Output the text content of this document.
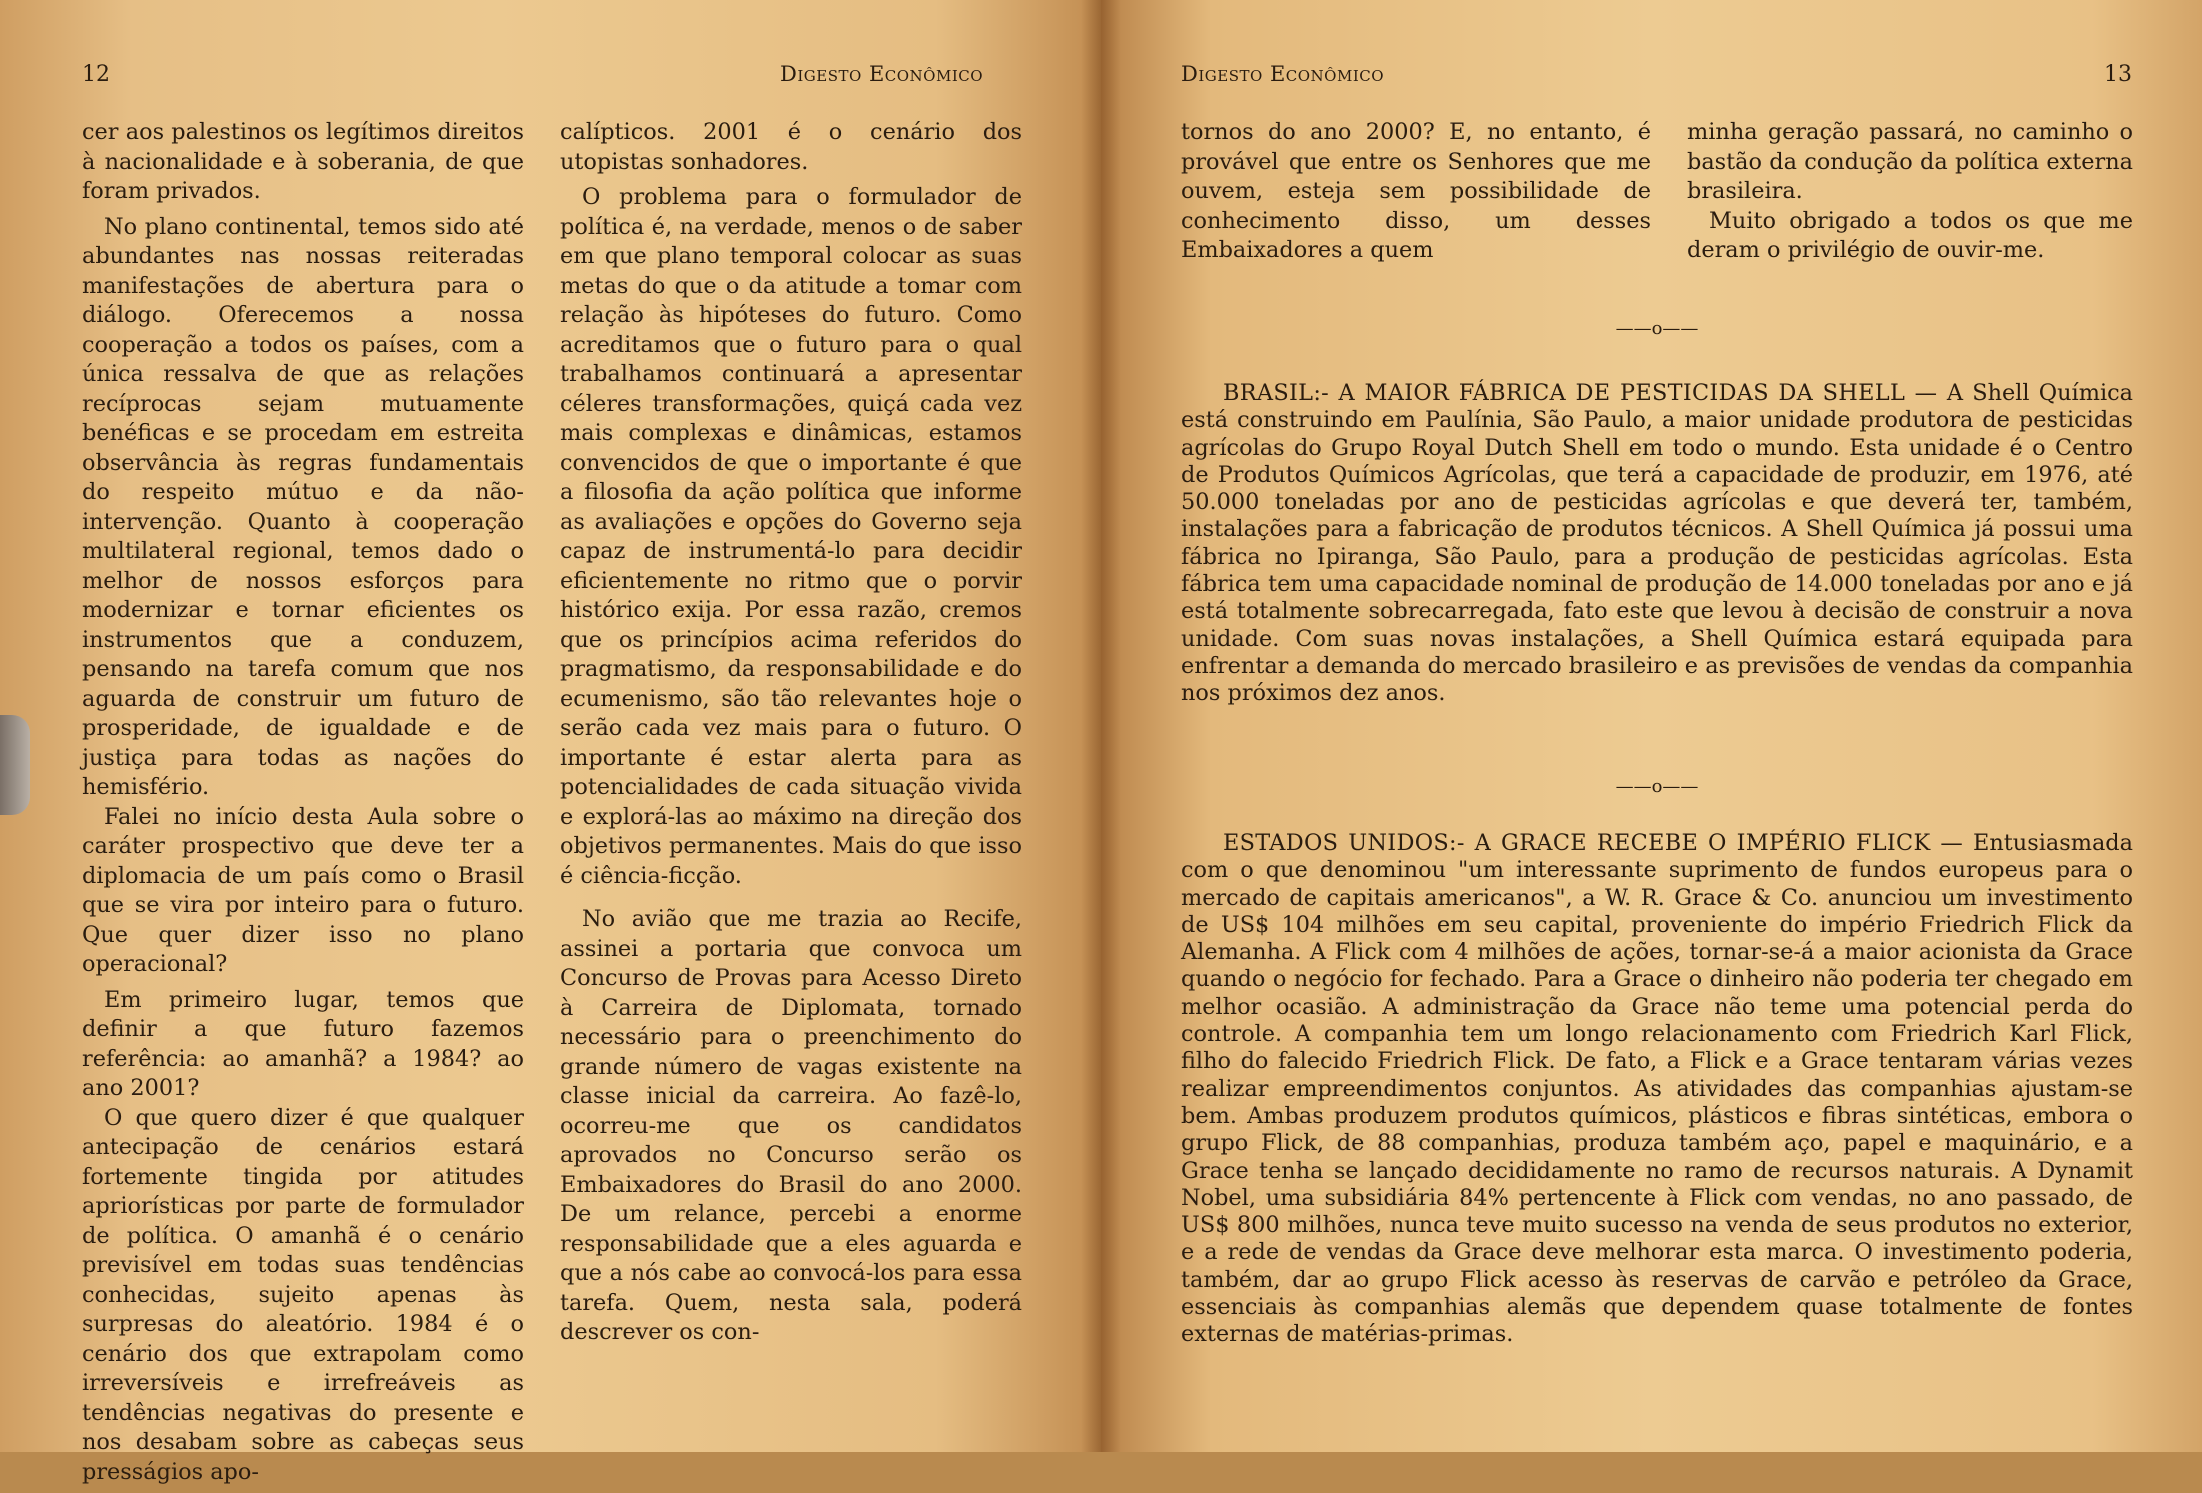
12	Digesto Econômico

cer aos palestinos os legítimos direitos à nacionalidade e à soberania, de que foram privados.

No plano continental, temos sido até abundantes nas nossas reiteradas manifestações de abertura para o diálogo. Oferecemos a nossa cooperação a todos os países, com a única ressalva de que as relações recíprocas sejam mutuamente benéficas e se procedam em estreita observância às regras fundamentais do respeito mútuo e da não-intervenção. Quanto à cooperação multilateral regional, temos dado o melhor de nossos esforços para modernizar e tornar eficientes os instrumentos que a conduzem, pensando na tarefa comum que nos aguarda de construir um futuro de prosperidade, de igualdade e de justiça para todas as nações do hemisfério.

Falei no início desta Aula sobre o caráter prospectivo que deve ter a diplomacia de um país como o Brasil que se vira por inteiro para o futuro. Que quer dizer isso no plano operacional?

Em primeiro lugar, temos que definir a que futuro fazemos referência: ao amanhã? a 1984? ao ano 2001?

O que quero dizer é que qualquer antecipação de cenários estará fortemente tingida por atitudes apriorísticas por parte de formulador de política. O amanhã é o cenário previsível em todas suas tendências conhecidas, sujeito apenas às surpresas do aleatório. 1984 é o cenário dos que extrapolam como irreversíveis e irrefreáveis as tendências negativas do presente e nos desabam sobre as cabeças seus presságios apo-

calípticos. 2001 é o cenário dos utopistas sonhadores.

O problema para o formulador de política é, na verdade, menos o de saber em que plano temporal colocar as suas metas do que o da atitude a tomar com relação às hipóteses do futuro. Como acreditamos que o futuro para o qual trabalhamos continuará a apresentar céleres transformações, quiçá cada vez mais complexas e dinâmicas, estamos convencidos de que o importante é que a filosofia da ação política que informe as avaliações e opções do Governo seja capaz de instrumentá-lo para decidir eficientemente no ritmo que o porvir histórico exija. Por essa razão, cremos que os princípios acima referidos do pragmatismo, da responsabilidade e do ecumenismo, são tão relevantes hoje o serão cada vez mais para o futuro. O importante é estar alerta para as potencialidades de cada situação vivida e explorá-las ao máximo na direção dos objetivos permanentes. Mais do que isso é ciência-ficção.

No avião que me trazia ao Recife, assinei a portaria que convoca um Concurso de Provas para Acesso Direto à Carreira de Diplomata, tornado necessário para o preenchimento do grande número de vagas existente na classe inicial da carreira. Ao fazê-lo, ocorreu-me que os candidatos aprovados no Concurso serão os Embaixadores do Brasil do ano 2000. De um relance, percebi a enorme responsabilidade que a eles aguarda e que a nós cabe ao convocá-los para essa tarefa. Quem, nesta sala, poderá descrever os con-

Digesto Econômico	13

tornos do ano 2000? E, no entanto, é provável que entre os Senhores que me ouvem, esteja sem possibilidade de conhecimento disso, um desses Embaixadores a quem

minha geração passará, no caminho o bastão da condução da política externa brasileira.

Muito obrigado a todos os que me deram o privilégio de ouvir-me.

——o——

BRASIL:- A MAIOR FÁBRICA DE PESTICIDAS DA SHELL — A Shell Química está construindo em Paulínia, São Paulo, a maior unidade produtora de pesticidas agrícolas do Grupo Royal Dutch Shell em todo o mundo. Esta unidade é o Centro de Produtos Químicos Agrícolas, que terá a capacidade de produzir, em 1976, até 50.000 toneladas por ano de pesticidas agrícolas e que deverá ter, também, instalações para a fabricação de produtos técnicos. A Shell Química já possui uma fábrica no Ipiranga, São Paulo, para a produção de pesticidas agrícolas. Esta fábrica tem uma capacidade nominal de produção de 14.000 toneladas por ano e já está totalmente sobrecarregada, fato este que levou à decisão de construir a nova unidade. Com suas novas instalações, a Shell Química estará equipada para enfrentar a demanda do mercado brasileiro e as previsões de vendas da companhia nos próximos dez anos.

——o——

ESTADOS UNIDOS:- A GRACE RECEBE O IMPÉRIO FLICK — Entusiasmada com o que denominou "um interessante suprimento de fundos europeus para o mercado de capitais americanos", a W. R. Grace & Co. anunciou um investimento de US$ 104 milhões em seu capital, proveniente do império Friedrich Flick da Alemanha. A Flick com 4 milhões de ações, tornar-se-á a maior acionista da Grace quando o negócio for fechado. Para a Grace o dinheiro não poderia ter chegado em melhor ocasião. A administração da Grace não teme uma potencial perda do controle. A companhia tem um longo relacionamento com Friedrich Karl Flick, filho do falecido Friedrich Flick. De fato, a Flick e a Grace tentaram várias vezes realizar empreendimentos conjuntos. As atividades das companhias ajustam-se bem. Ambas produzem produtos químicos, plásticos e fibras sintéticas, embora o grupo Flick, de 88 companhias, produza também aço, papel e maquinário, e a Grace tenha se lançado decididamente no ramo de recursos naturais. A Dynamit Nobel, uma subsidiária 84% pertencente à Flick com vendas, no ano passado, de US$ 800 milhões, nunca teve muito sucesso na venda de seus produtos no exterior, e a rede de vendas da Grace deve melhorar esta marca. O investimento poderia, também, dar ao grupo Flick acesso às reservas de carvão e petróleo da Grace, essenciais às companhias alemãs que dependem quase totalmente de fontes externas de matérias-primas.
